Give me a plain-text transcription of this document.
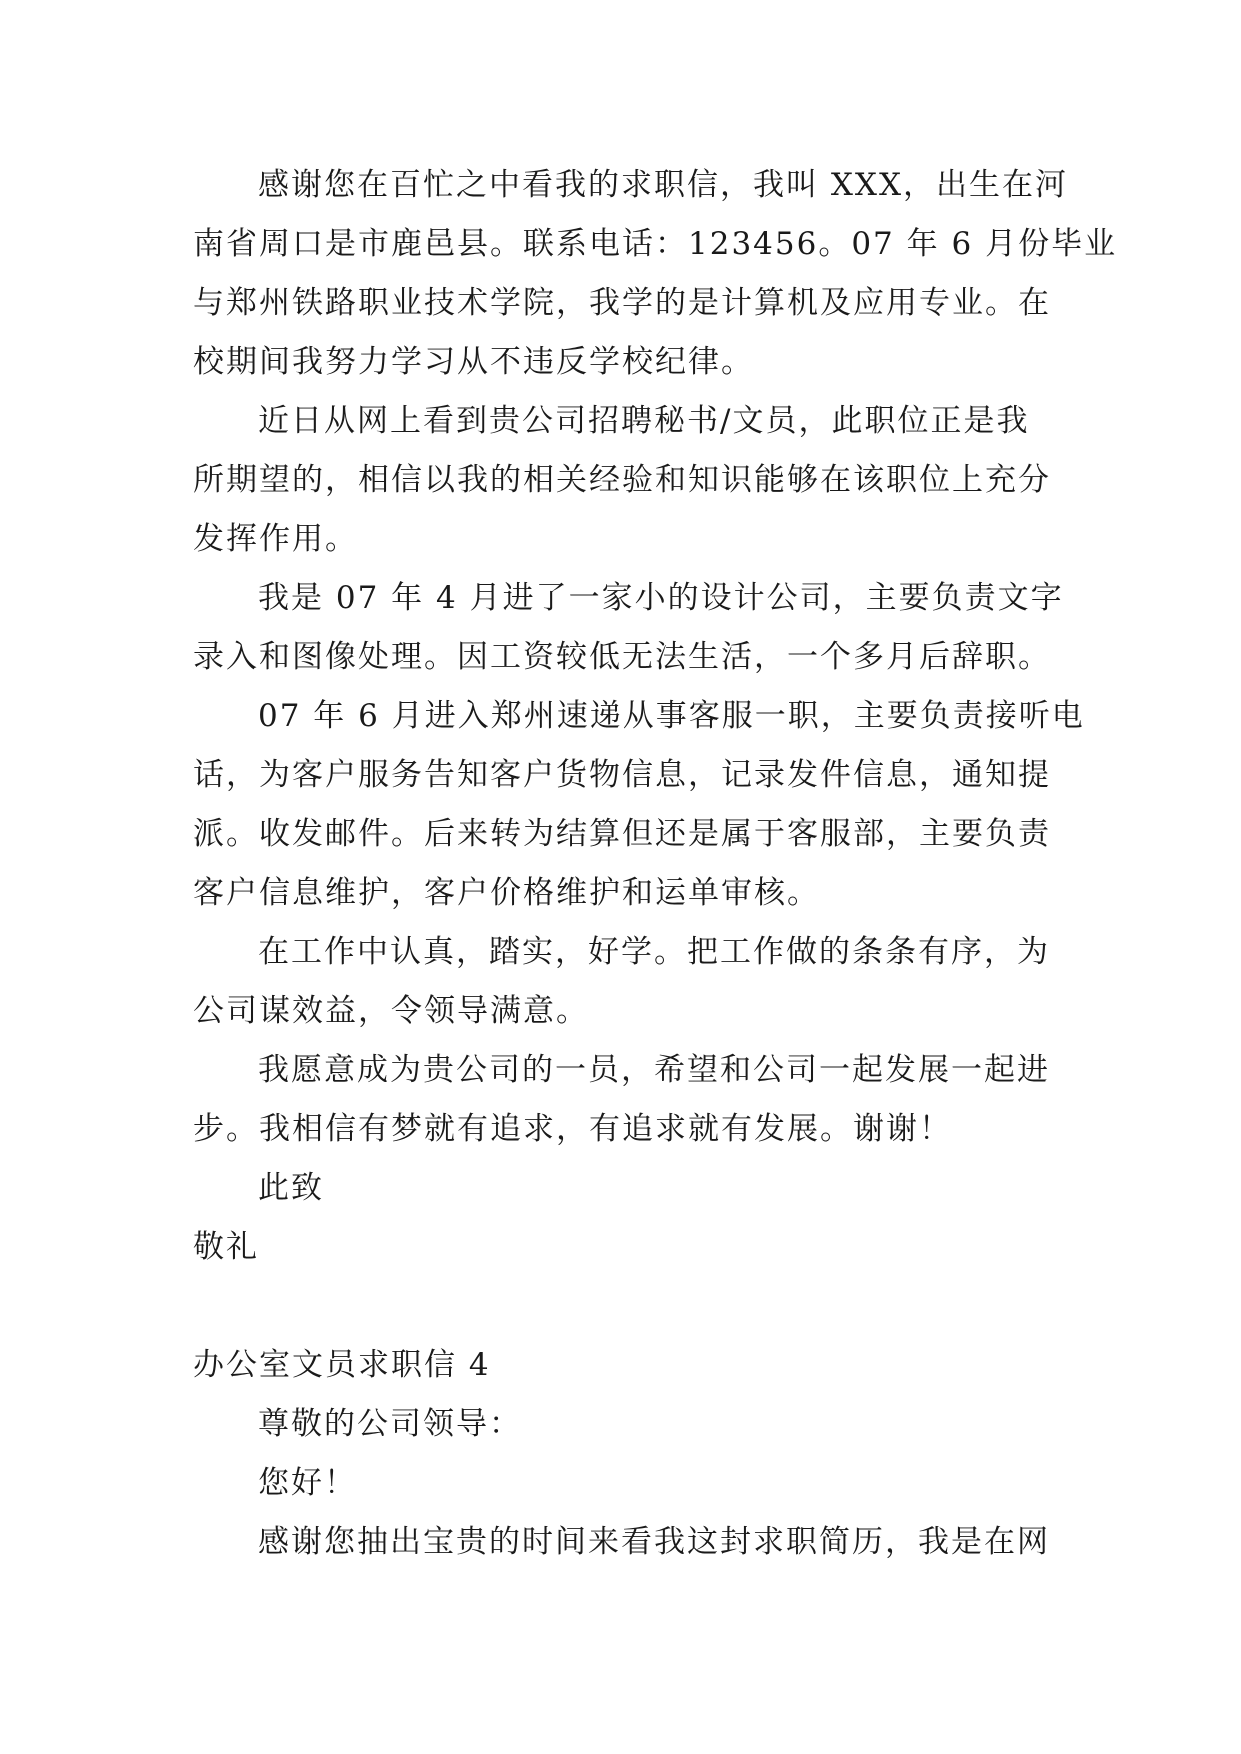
感谢您在百忙之中看我的求职信，我叫 XXX，出生在河
南省周口是市鹿邑县。联系电话：123456。07 年 6 月份毕业
与郑州铁路职业技术学院，我学的是计算机及应用专业。在
校期间我努力学习从不违反学校纪律。
近日从网上看到贵公司招聘秘书/文员，此职位正是我
所期望的，相信以我的相关经验和知识能够在该职位上充分
发挥作用。
我是 07 年 4 月进了一家小的设计公司，主要负责文字
录入和图像处理。因工资较低无法生活，一个多月后辞职。
07 年 6 月进入郑州速递从事客服一职，主要负责接听电
话，为客户服务告知客户货物信息，记录发件信息，通知提
派。收发邮件。后来转为结算但还是属于客服部，主要负责
客户信息维护，客户价格维护和运单审核。
在工作中认真，踏实，好学。把工作做的条条有序，为
公司谋效益，令领导满意。
我愿意成为贵公司的一员，希望和公司一起发展一起进
步。我相信有梦就有追求，有追求就有发展。谢谢！
此致
敬礼
办公室文员求职信 4
尊敬的公司领导：
您好！
感谢您抽出宝贵的时间来看我这封求职简历，我是在网
